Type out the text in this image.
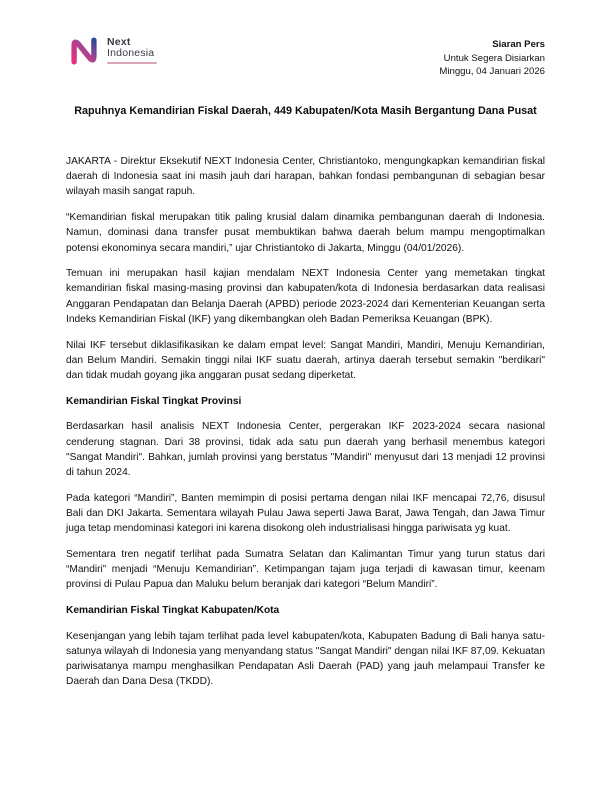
Next
Indonesia
Siaran Pers
Untuk Segera Disiarkan
Minggu, 04 Januari 2026
Rapuhnya Kemandirian Fiskal Daerah, 449 Kabupaten/Kota Masih Bergantung Dana Pusat

JAKARTA - Direktur Eksekutif NEXT Indonesia Center, Christiantoko, mengungkapkan kemandirian fiskal daerah di Indonesia saat ini masih jauh dari harapan, bahkan fondasi pembangunan di sebagian besar wilayah masih sangat rapuh.

“Kemandirian fiskal merupakan titik paling krusial dalam dinamika pembangunan daerah di Indonesia. Namun, dominasi dana transfer pusat membuktikan bahwa daerah belum mampu mengoptimalkan potensi ekonominya secara mandiri,” ujar Christiantoko di Jakarta, Minggu (04/01/2026).

Temuan ini merupakan hasil kajian mendalam NEXT Indonesia Center yang memetakan tingkat kemandirian fiskal masing-masing provinsi dan kabupaten/kota di Indonesia berdasarkan data realisasi Anggaran Pendapatan dan Belanja Daerah (APBD) periode 2023-2024 dari Kementerian Keuangan serta Indeks Kemandirian Fiskal (IKF) yang dikembangkan oleh Badan Pemeriksa Keuangan (BPK).

Nilai IKF tersebut diklasifikasikan ke dalam empat level: Sangat Mandiri, Mandiri, Menuju Kemandirian, dan Belum Mandiri. Semakin tinggi nilai IKF suatu daerah, artinya daerah tersebut semakin "berdikari" dan tidak mudah goyang jika anggaran pusat sedang diperketat.

Kemandirian Fiskal Tingkat Provinsi

Berdasarkan hasil analisis NEXT Indonesia Center, pergerakan IKF 2023-2024 secara nasional cenderung stagnan. Dari 38 provinsi, tidak ada satu pun daerah yang berhasil menembus kategori "Sangat Mandiri". Bahkan, jumlah provinsi yang berstatus "Mandiri" menyusut dari 13 menjadi 12 provinsi di tahun 2024.

Pada kategori “Mandiri”, Banten memimpin di posisi pertama dengan nilai IKF mencapai 72,76, disusul Bali dan DKI Jakarta. Sementara wilayah Pulau Jawa seperti Jawa Barat, Jawa Tengah, dan Jawa Timur juga tetap mendominasi kategori ini karena disokong oleh industrialisasi hingga pariwisata yg kuat.

Sementara tren negatif terlihat pada Sumatra Selatan dan Kalimantan Timur yang turun status dari “Mandiri” menjadi “Menuju Kemandirian”. Ketimpangan tajam juga terjadi di kawasan timur, keenam provinsi di Pulau Papua dan Maluku belum beranjak dari kategori “Belum Mandiri”.

Kemandirian Fiskal Tingkat Kabupaten/Kota

Kesenjangan yang lebih tajam terlihat pada level kabupaten/kota, Kabupaten Badung di Bali hanya satu-satunya wilayah di Indonesia yang menyandang status "Sangat Mandiri" dengan nilai IKF 87,09. Kekuatan pariwisatanya mampu menghasilkan Pendapatan Asli Daerah (PAD) yang jauh melampaui Transfer ke Daerah dan Dana Desa (TKDD).
